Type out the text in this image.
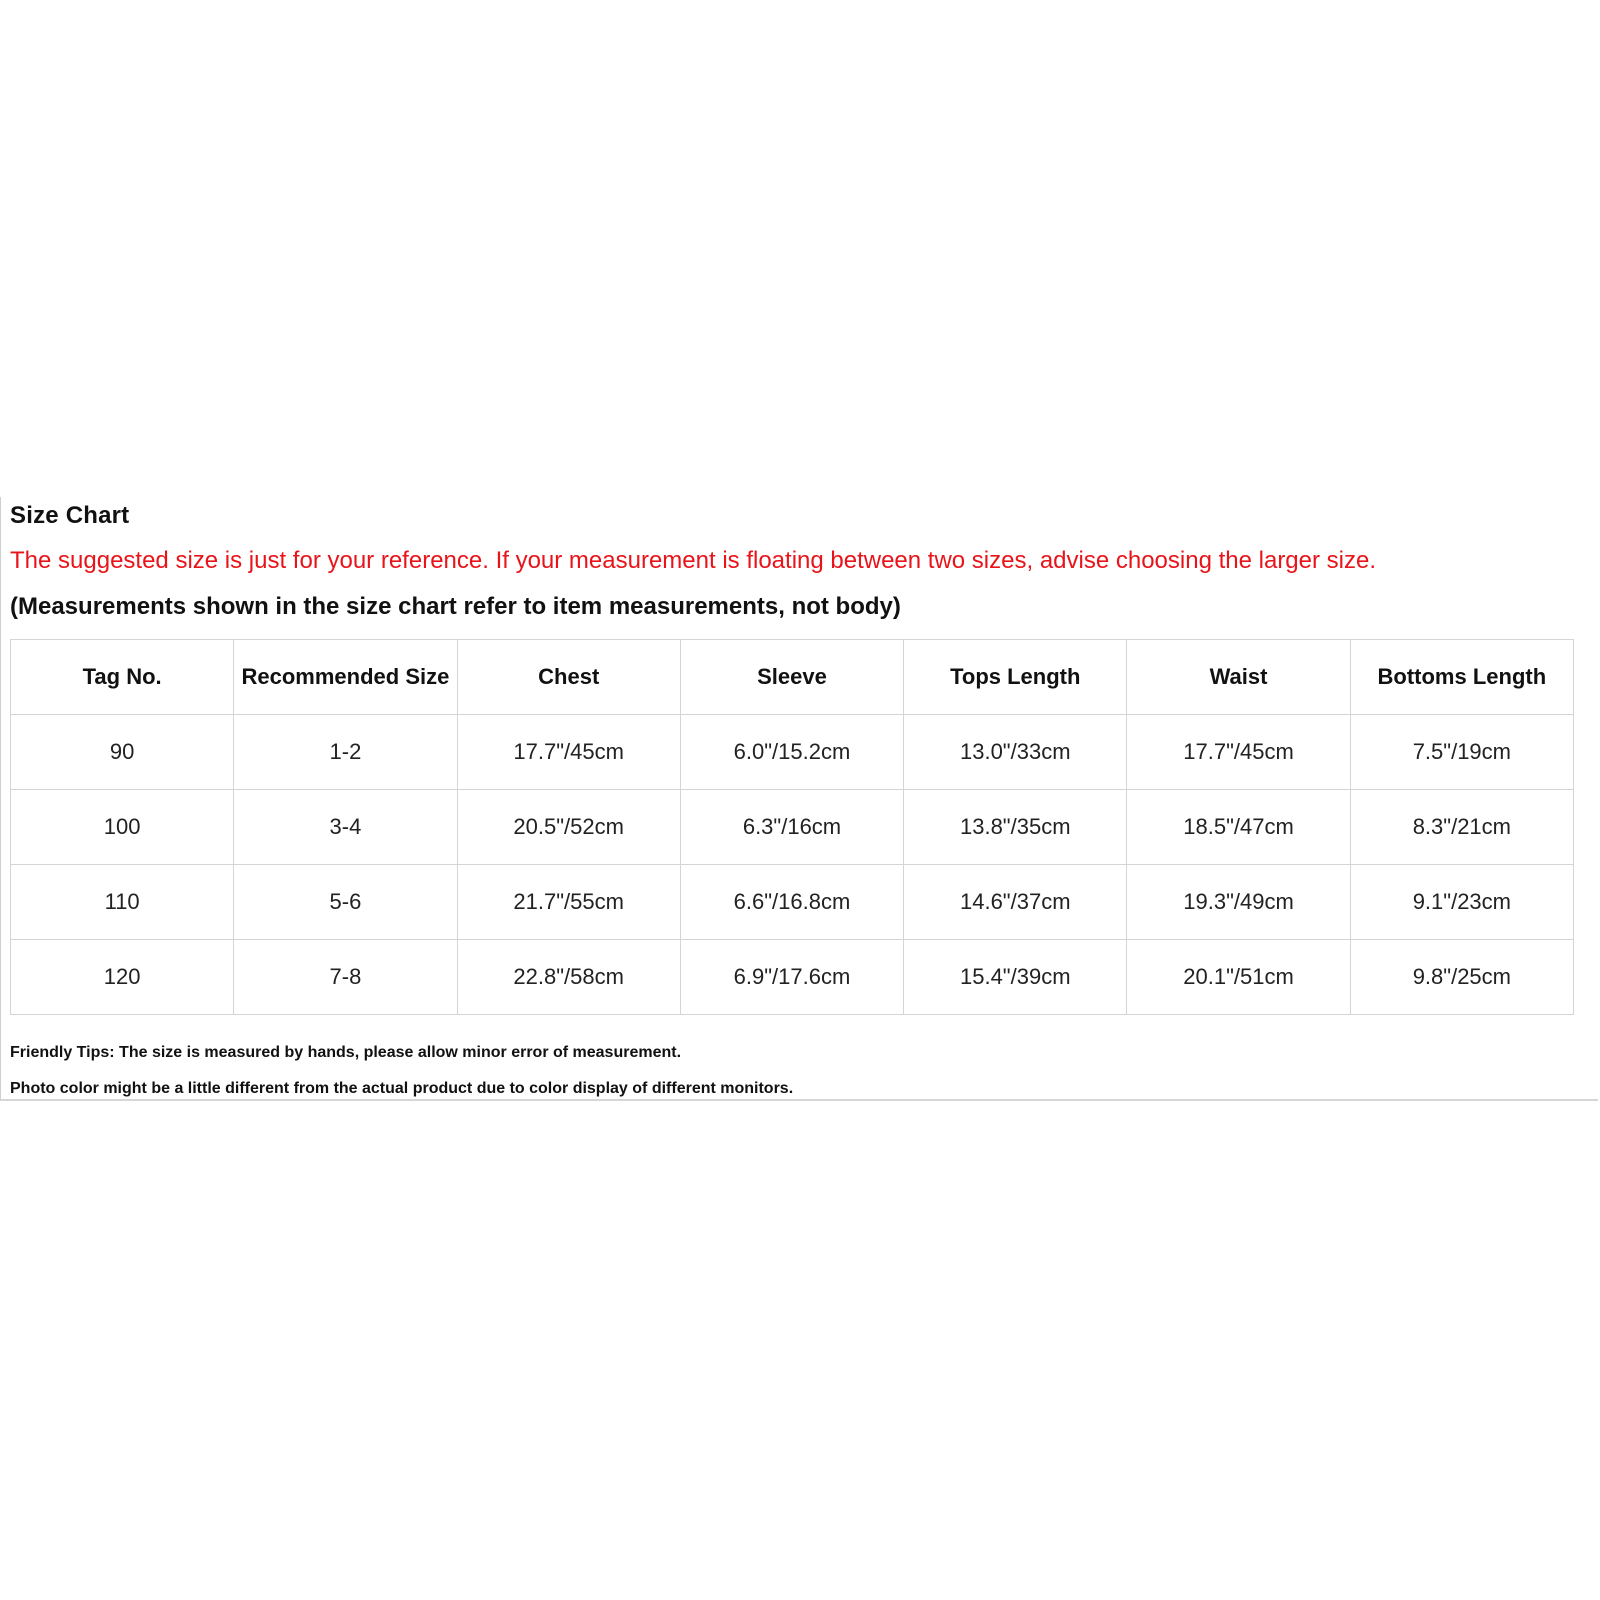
Size Chart
The suggested size is just for your reference. If your measurement is floating between two sizes, advise choosing the larger size.
(Measurements shown in the size chart refer to item measurements, not body)
Tag No.	Recommended Size	Chest	Sleeve	Tops Length	Waist	Bottoms Length
90	1-2	17.7"/45cm	6.0"/15.2cm	13.0"/33cm	17.7"/45cm	7.5"/19cm
100	3-4	20.5"/52cm	6.3"/16cm	13.8"/35cm	18.5"/47cm	8.3"/21cm
110	5-6	21.7"/55cm	6.6"/16.8cm	14.6"/37cm	19.3"/49cm	9.1"/23cm
120	7-8	22.8"/58cm	6.9"/17.6cm	15.4"/39cm	20.1"/51cm	9.8"/25cm
Friendly Tips: The size is measured by hands, please allow minor error of measurement.
Photo color might be a little different from the actual product due to color display of different monitors.
